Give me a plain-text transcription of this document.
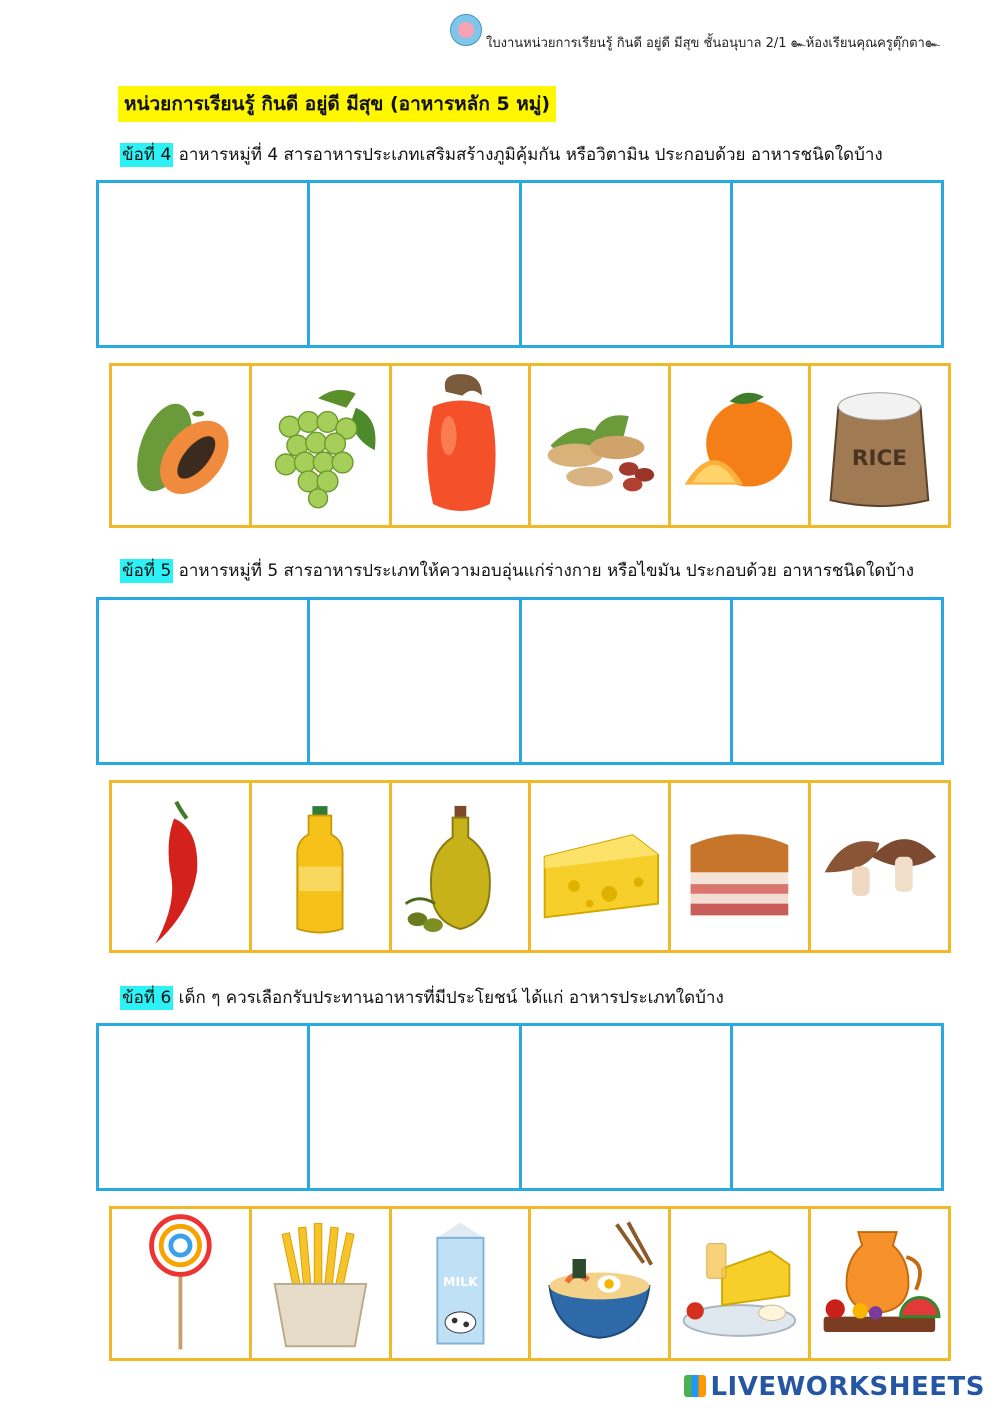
ใบงานหน่วยการเรียนรู้ กินดี อยู่ดี มีสุข ชั้นอนุบาล 2/1 ๛ห้องเรียนคุณครูตุ๊กตา๛
หน่วยการเรียนรู้ กินดี อยู่ดี มีสุข (อาหารหลัก 5 หมู่)
ข้อที่ 4 อาหารหมู่ที่ 4 สารอาหารประเภทเสริมสร้างภูมิคุ้มกัน หรือวิตามิน ประกอบด้วย อาหารชนิดใดบ้าง
RICE
ข้อที่ 5 อาหารหมู่ที่ 5 สารอาหารประเภทให้ความอบอุ่นแก่ร่างกาย หรือไขมัน ประกอบด้วย อาหารชนิดใดบ้าง
ข้อที่ 6 เด็ก ๆ ควรเลือกรับประทานอาหารที่มีประโยชน์ ได้แก่ อาหารประเภทใดบ้าง
MILK
LIVEWORKSHEETS
